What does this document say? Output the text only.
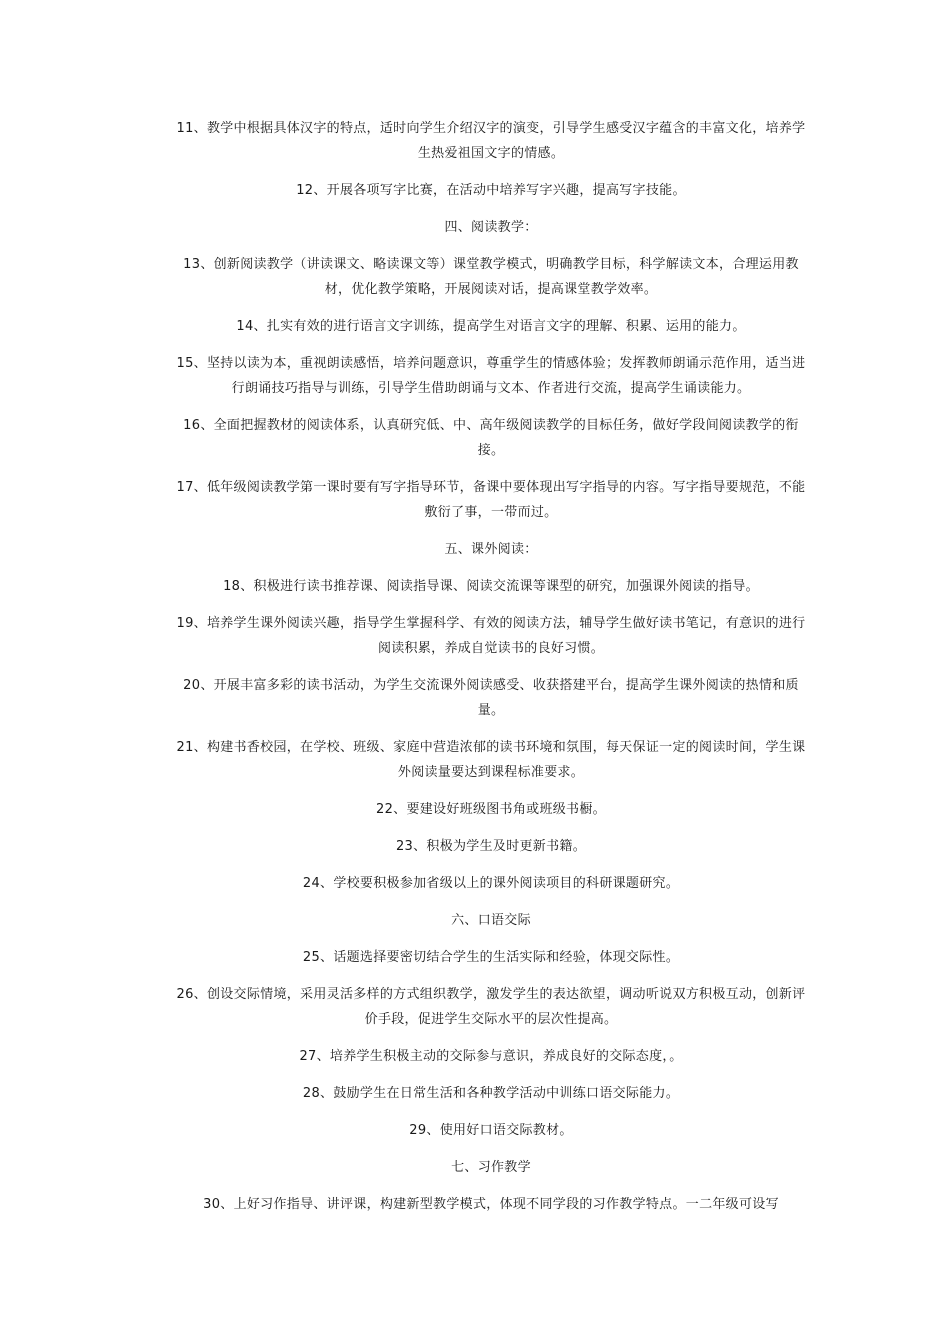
11、教学中根据具体汉字的特点，适时向学生介绍汉字的演变，引导学生感受汉字蕴含的丰富文化，培养学生热爱祖国文字的情感。

12、开展各项写字比赛，在活动中培养写字兴趣，提高写字技能。

四、阅读教学：

13、创新阅读教学（讲读课文、略读课文等）课堂教学模式，明确教学目标，科学解读文本，合理运用教材，优化教学策略，开展阅读对话，提高课堂教学效率。

14、扎实有效的进行语言文字训练，提高学生对语言文字的理解、积累、运用的能力。

15、坚持以读为本，重视朗读感悟，培养问题意识，尊重学生的情感体验；发挥教师朗诵示范作用，适当进行朗诵技巧指导与训练，引导学生借助朗诵与文本、作者进行交流，提高学生诵读能力。

16、全面把握教材的阅读体系，认真研究低、中、高年级阅读教学的目标任务，做好学段间阅读教学的衔接。

17、低年级阅读教学第一课时要有写字指导环节，备课中要体现出写字指导的内容。写字指导要规范，不能敷衍了事，一带而过。

五、课外阅读：

18、积极进行读书推荐课、阅读指导课、阅读交流课等课型的研究，加强课外阅读的指导。

19、培养学生课外阅读兴趣，指导学生掌握科学、有效的阅读方法，辅导学生做好读书笔记，有意识的进行阅读积累，养成自觉读书的良好习惯。

20、开展丰富多彩的读书活动，为学生交流课外阅读感受、收获搭建平台，提高学生课外阅读的热情和质量。

21、构建书香校园，在学校、班级、家庭中营造浓郁的读书环境和氛围，每天保证一定的阅读时间，学生课外阅读量要达到课程标准要求。

22、要建设好班级图书角或班级书橱。

23、积极为学生及时更新书籍。

24、学校要积极参加省级以上的课外阅读项目的科研课题研究。

六、口语交际

25、话题选择要密切结合学生的生活实际和经验，体现交际性。

26、创设交际情境，采用灵活多样的方式组织教学，激发学生的表达欲望，调动听说双方积极互动，创新评价手段，促进学生交际水平的层次性提高。

27、培养学生积极主动的交际参与意识，养成良好的交际态度，。

28、鼓励学生在日常生活和各种教学活动中训练口语交际能力。

29、使用好口语交际教材。

七、习作教学

30、上好习作指导、讲评课，构建新型教学模式，体现不同学段的习作教学特点。一二年级可设写
